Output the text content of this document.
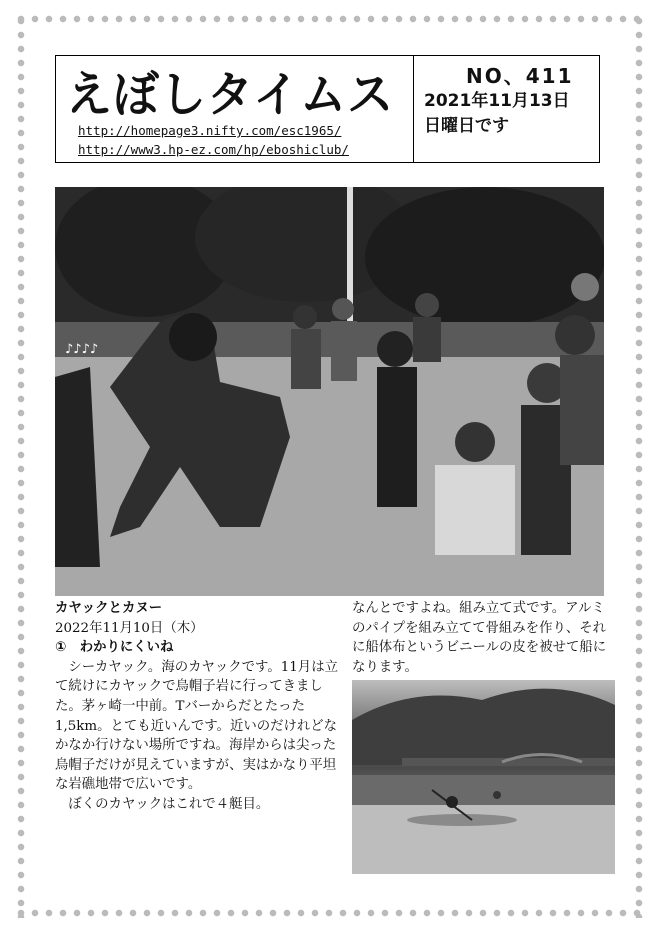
えぼしタイムス
http://homepage3.nifty.com/esc1965/
http://www3.hp-ez.com/hp/eboshiclub/
NO、411
2021年11月13日
日曜日です
♪♪♪♪
カヤックとカヌー
2022年11月10日（木）
①　わかりにくいね
シーカヤック。海のカヤックです。11月は立て続けにカヤックで烏帽子岩に行ってきました。茅ヶ崎一中前。Tバーからだとたった 1,5km。とても近いんです。近いのだけれどなかなか行けない場所ですね。海岸からは尖った烏帽子だけが見えていますが、実はかなり平坦な岩礁地帯で広いです。
ぼくのカヤックはこれで４艇目。
なんとですよね。組み立て式です。アルミのパイプを組み立てて骨組みを作り、それに船体布というビニールの皮を被せて船になります。
